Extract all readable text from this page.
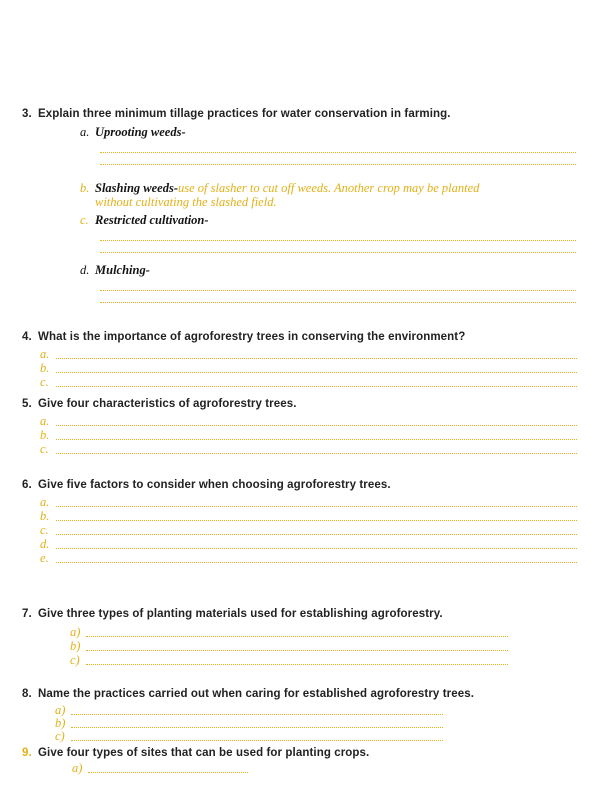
3. Explain three minimum tillage practices for water conservation in farming.
a. Uprooting weeds-
b. Slashing weeds-use of slasher to cut off weeds. Another crop may be planted
without cultivating the slashed field.
c. Restricted cultivation-
d. Mulching-
4. What is the importance of agroforestry trees in conserving the environment?
a.
b.
c.
5. Give four characteristics of agroforestry trees.
a.
b.
c.
6. Give five factors to consider when choosing agroforestry trees.
a.
b.
c.
d.
e.
7. Give three types of planting materials used for establishing agroforestry.
a)
b)
c)
8. Name the practices carried out when caring for established agroforestry trees.
a)
b)
c)
9. Give four types of sites that can be used for planting crops.
a)
